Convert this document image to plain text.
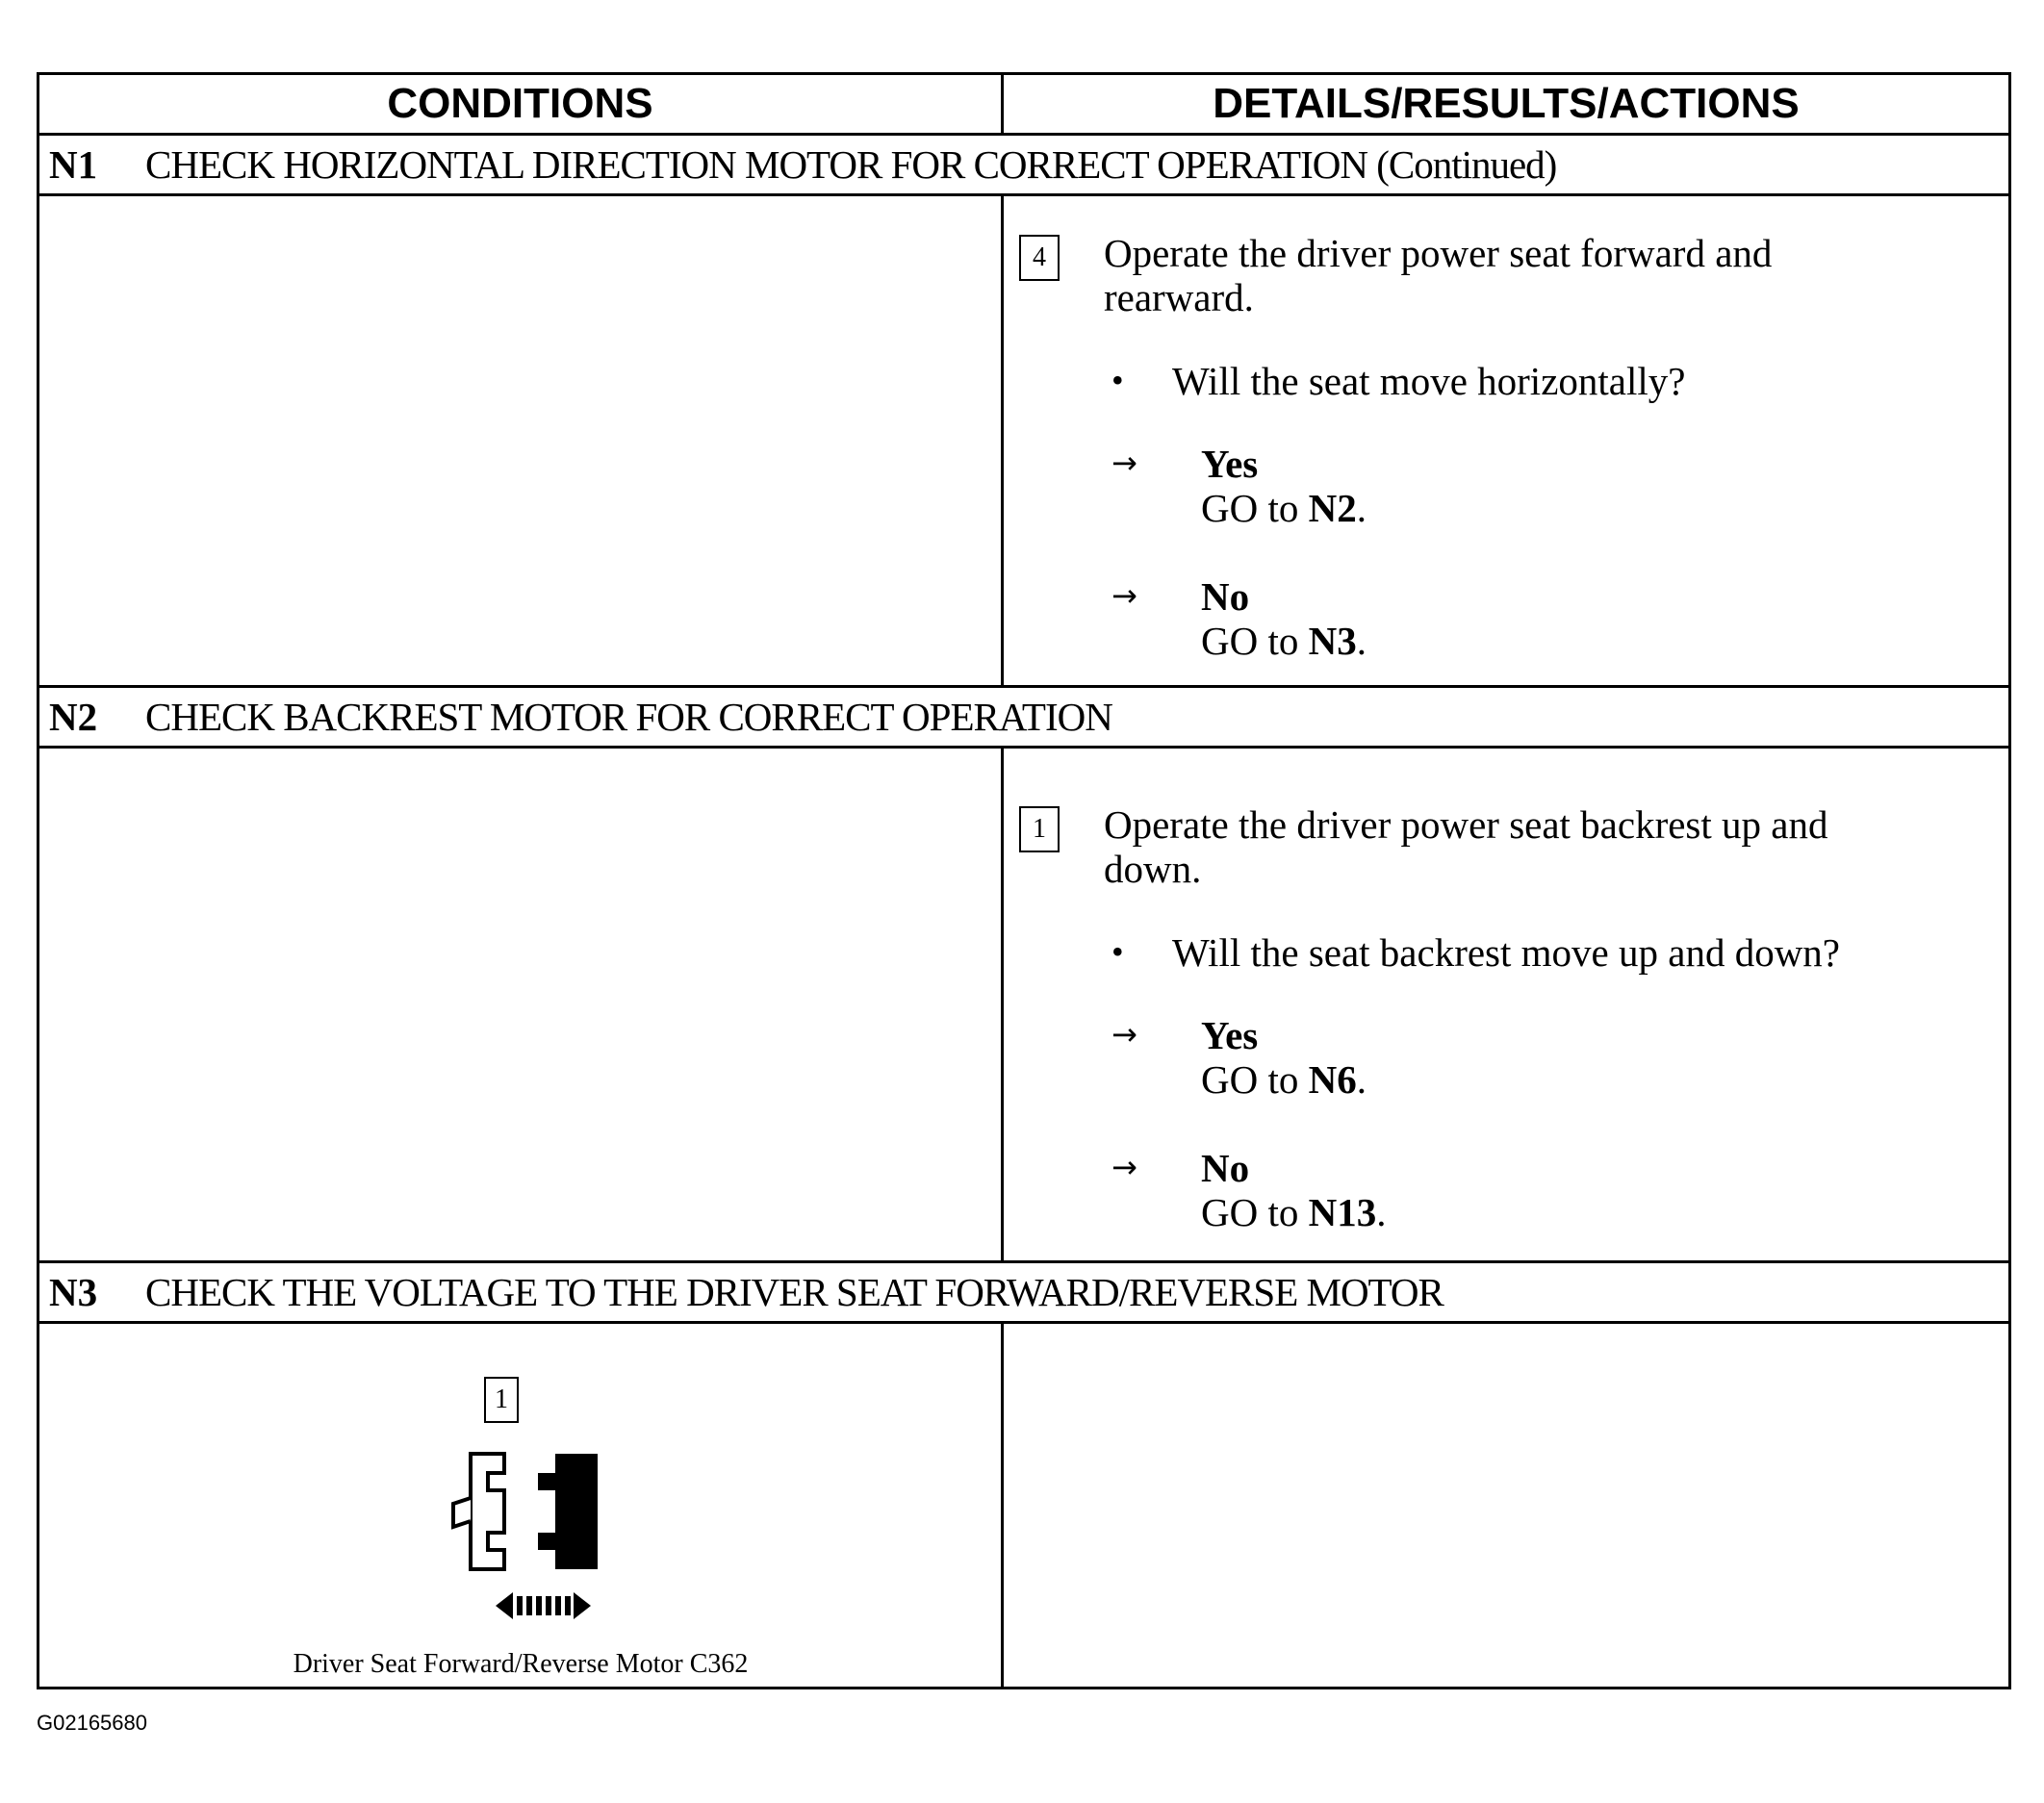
CONDITIONS	DETAILS/RESULTS/ACTIONS
N1	CHECK HORIZONTAL DIRECTION MOTOR FOR CORRECT OPERATION (Continued)
4	Operate the driver power seat forward and rearward.
• Will the seat move horizontally?
→ Yes
GO to N2.
→ No
GO to N3.
N2	CHECK BACKREST MOTOR FOR CORRECT OPERATION
1	Operate the driver power seat backrest up and down.
• Will the seat backrest move up and down?
→ Yes
GO to N6.
→ No
GO to N13.
N3	CHECK THE VOLTAGE TO THE DRIVER SEAT FORWARD/REVERSE MOTOR
1
Driver Seat Forward/Reverse Motor C362
G02165680
